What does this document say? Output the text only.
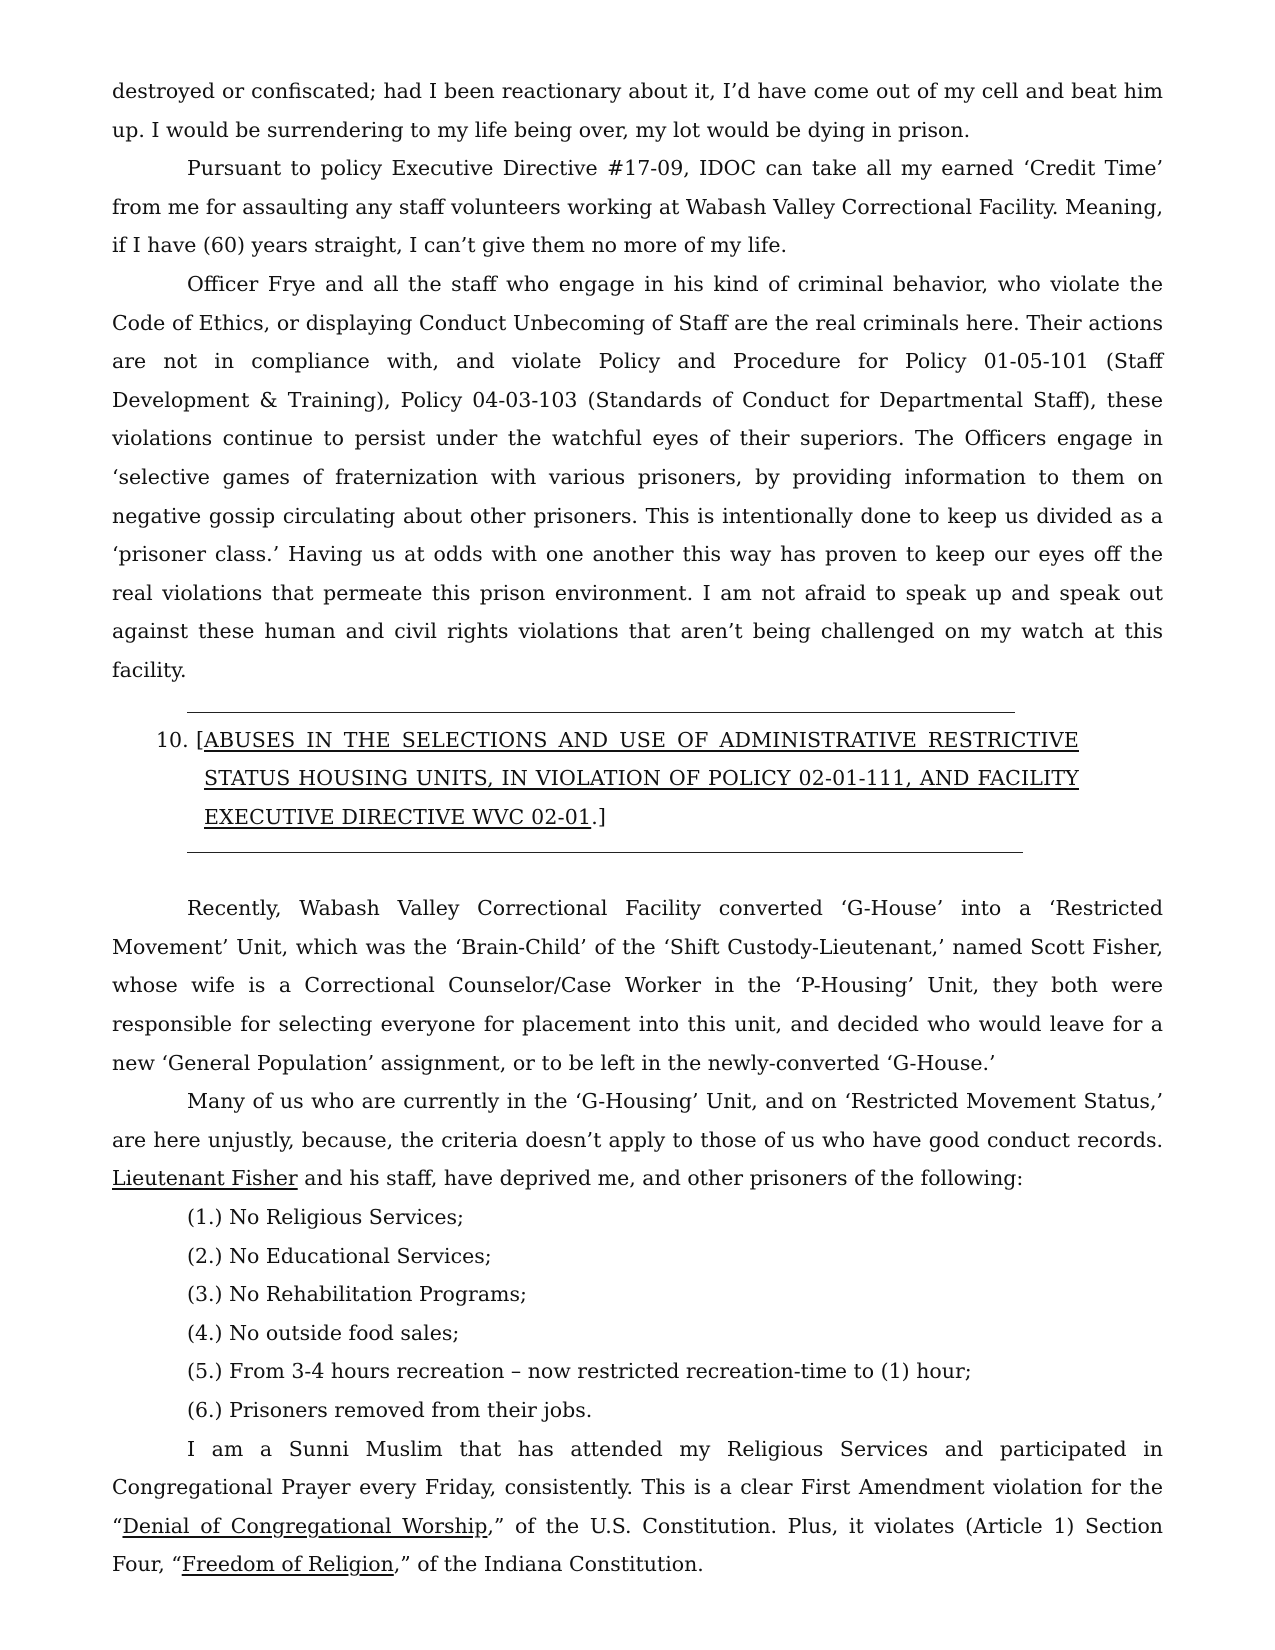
destroyed or confiscated; had I been reactionary about it, I’d have come out of my cell and beat him up. I would be surrendering to my life being over, my lot would be dying in prison.

Pursuant to policy Executive Directive #17-09, IDOC can take all my earned ‘Credit Time’ from me for assaulting any staff volunteers working at Wabash Valley Correctional Facility. Meaning, if I have (60) years straight, I can’t give them no more of my life.

Officer Frye and all the staff who engage in his kind of criminal behavior, who violate the Code of Ethics, or displaying Conduct Unbecoming of Staff are the real criminals here. Their actions are not in compliance with, and violate Policy and Procedure for Policy 01-05-101 (Staff Development & Training), Policy 04-03-103 (Standards of Conduct for Departmental Staff), these violations continue to persist under the watchful eyes of their superiors. The Officers engage in ‘selective games of fraternization with various prisoners, by providing information to them on negative gossip circulating about other prisoners. This is intentionally done to keep us divided as a ‘prisoner class.’ Having us at odds with one another this way has proven to keep our eyes off the real violations that permeate this prison environment. I am not afraid to speak up and speak out against these human and civil rights violations that aren’t being challenged on my watch at this facility.

10. [ ABUSES IN THE SELECTIONS AND USE OF ADMINISTRATIVE RESTRICTIVE STATUS HOUSING UNITS, IN VIOLATION OF POLICY 02-01-111, AND FACILITY EXECUTIVE DIRECTIVE WVC 02-01.]

Recently, Wabash Valley Correctional Facility converted ‘G-House’ into a ‘Restricted Movement’ Unit, which was the ‘Brain-Child’ of the ‘Shift Custody-Lieutenant,’ named Scott Fisher, whose wife is a Correctional Counselor/Case Worker in the ‘P-Housing’ Unit, they both were responsible for selecting everyone for placement into this unit, and decided who would leave for a new ‘General Population’ assignment, or to be left in the newly-converted ‘G-House.’

Many of us who are currently in the ‘G-Housing’ Unit, and on ‘Restricted Movement Status,’ are here unjustly, because, the criteria doesn’t apply to those of us who have good conduct records. Lieutenant Fisher and his staff, have deprived me, and other prisoners of the following:

(1.) No Religious Services;
(2.) No Educational Services;
(3.) No Rehabilitation Programs;
(4.) No outside food sales;
(5.) From 3-4 hours recreation – now restricted recreation-time to (1) hour;
(6.) Prisoners removed from their jobs.

I am a Sunni Muslim that has attended my Religious Services and participated in Congregational Prayer every Friday, consistently. This is a clear First Amendment violation for the “Denial of Congregational Worship,” of the U.S. Constitution. Plus, it violates (Article 1) Section Four, “Freedom of Religion,” of the Indiana Constitution.
